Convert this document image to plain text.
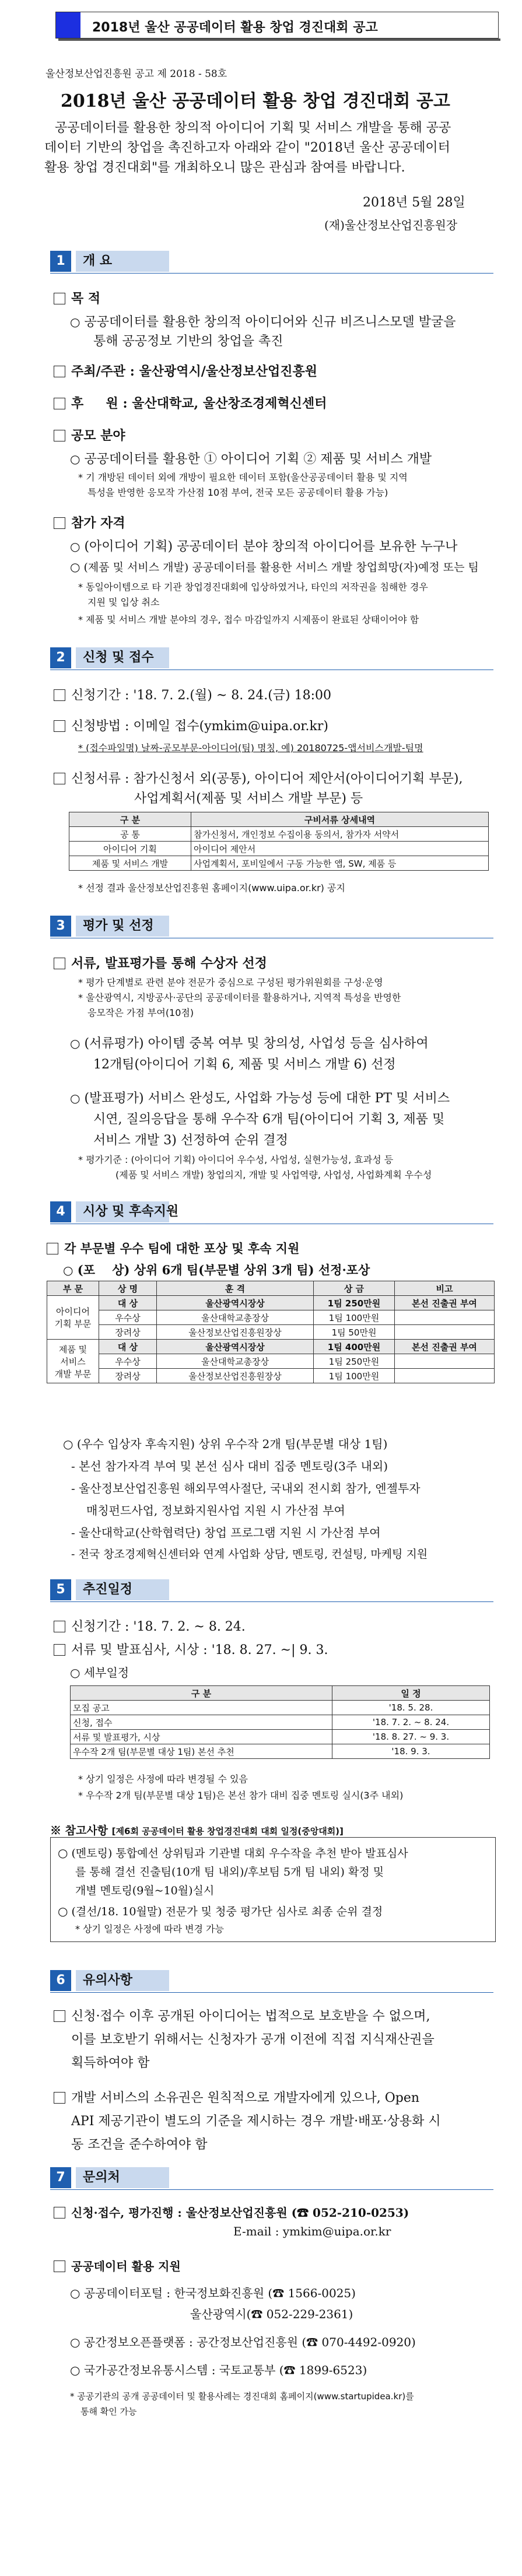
2018년 울산 공공데이터 활용 창업 경진대회 공고
울산정보산업진흥원 공고 제 2018 - 58호
2018년 울산 공공데이터 활용 창업 경진대회 공고
공공데이터를 활용한 창의적 아이디어 기획 및 서비스 개발을 통해 공공
데이터 기반의 창업을 촉진하고자 아래와 같이 "2018년 울산 공공데이터
활용 창업 경진대회"를 개최하오니 많은 관심과 참여를 바랍니다.
2018년 5월 28일
(재)울산정보산업진흥원장
1	개 요
목 적
○ 공공데이터를 활용한 창의적 아이디어와 신규 비즈니스모델 발굴을
통해 공공정보 기반의 창업을 촉진
주최/주관 : 울산광역시/울산정보산업진흥원
후     원 : 울산대학교, 울산창조경제혁신센터
공모 분야
○ 공공데이터를 활용한 ① 아이디어 기획 ② 제품 및 서비스 개발
* 기 개방된 데이터 외에 개방이 필요한 데이터 포함(울산공공데이터 활용 및 지역
특성을 반영한 응모작 가산점 10점 부여, 전국 모든 공공데이터 활용 가능)
참가 자격
○ (아이디어 기획) 공공데이터 분야 창의적 아이디어를 보유한 누구나
○ (제품 및 서비스 개발) 공공데이터를 활용한 서비스 개발 창업희망(자)예정 또는 팀
* 동일아이템으로 타 기관 창업경진대회에 입상하였거나, 타인의 저작권을 침해한 경우
지원 및 입상 취소
* 제품 및 서비스 개발 분야의 경우, 접수 마감일까지 시제품이 완료된 상태이어야 함
2	신청 및 접수
신청기간 : '18. 7. 2.(월) ~ 8. 24.(금) 18:00
신청방법 : 이메일 접수(ymkim@uipa.or.kr)
* (접수파일명) 날짜-공모부문-아이디어(팀) 명칭, 예) 20180725-앱서비스개발-팀명
신청서류 : 참가신청서 외(공통), 아이디어 제안서(아이디어기획 부문),
사업계획서(제품 및 서비스 개발 부문) 등
구 분	구비서류 상세내역
공 통	참가신청서, 개인정보 수집이용 동의서, 참가자 서약서
아이디어 기획	아이디어 제안서
제품 및 서비스 개발	사업계획서, 포비일에서 구동 가능한 앱, SW, 제품 등
* 선정 결과 울산정보산업진흥원 홈페이지(www.uipa.or.kr) 공지
3	평가 및 선정
서류, 발표평가를 통해 수상자 선정
* 평가 단계별로 관련 분야 전문가 중심으로 구성된 평가위원회를 구성·운영
* 울산광역시, 지방공사·공단의 공공데이터를 활용하거나, 지역적 특성을 반영한
응모작은 가점 부여(10점)
○ (서류평가) 아이템 중복 여부 및 창의성, 사업성 등을 심사하여
12개팀(아이디어 기획 6, 제품 및 서비스 개발 6) 선정
○ (발표평가) 서비스 완성도, 사업화 가능성 등에 대한 PT 및 서비스
시연, 질의응답을 통해 우수작 6개 팀(아이디어 기획 3, 제품 및
서비스 개발 3) 선정하여 순위 결정
* 평가기준 : (아이디어 기획) 아이디어 우수성, 사업성, 실현가능성, 효과성 등
(제품 및 서비스 개발) 창업의지, 개발 및 사업역량, 사업성, 사업화계획 우수성
4	시상 및 후속지원
각 부문별 우수 팀에 대한 포상 및 후속 지원
○ (포    상) 상위 6개 팀(부문별 상위 3개 팀) 선정·포상
부 문	상 명	훈 격	상 금	비고
아이디어
기획 부문	대 상	울산광역시장상	1팀 250만원	본선 진출권 부여
	우수상	울산대학교총장상	1팀 100만원	
	장려상	울산정보산업진흥원장상	1팀 50만원	
제품 및
서비스
개발 부문	대 상	울산광역시장상	1팀 400만원	본선 진출권 부여
	우수상	울산대학교총장상	1팀 250만원	
	장려상	울산정보산업진흥원장상	1팀 100만원	
○ (우수 입상자 후속지원) 상위 우수작 2개 팀(부문별 대상 1팀)
- 본선 참가자격 부여 및 본선 심사 대비 집중 멘토링(3주 내외)
- 울산정보산업진흥원 해외무역사절단, 국내외 전시회 참가, 엔젤투자
매칭펀드사업, 정보화지원사업 지원 시 가산점 부여
- 울산대학교(산학협력단) 창업 프로그램 지원 시 가산점 부여
- 전국 창조경제혁신센터와 연계 사업화 상담, 멘토링, 컨설팅, 마케팅 지원
5	추진일정
신청기간 : '18. 7. 2. ~ 8. 24.
서류 및 발표심사, 시상 : '18. 8. 27. ~| 9. 3.
○ 세부일정
구 분	일 정
모집 공고	'18. 5. 28.
신청, 접수	'18. 7. 2. ~ 8. 24.
서류 및 발표평가, 시상	'18. 8. 27. ~ 9. 3.
우수작 2개 팀(부문별 대상 1팀) 본선 추천	'18. 9. 3.
* 상기 일정은 사정에 따라 변경될 수 있음
* 우수작 2개 팀(부문별 대상 1팀)은 본선 참가 대비 집중 멘토링 실시(3주 내외)
※ 참고사항 [제6회 공공데이터 활용 창업경진대회 대회 일정(중앙대회)]
○ (멘토링) 통합예선 상위팀과 기관별 대회 우수작을 추천 받아 발표심사
를 통해 결선 진출팀(10개 팀 내외)/후보팀 5개 팀 내외) 확정 및
개별 멘토링(9월~10월)실시
○ (결선/18. 10월말) 전문가 및 청중 평가단 심사로 최종 순위 결정
* 상기 일정은 사정에 따라 변경 가능
6	유의사항
신청·접수 이후 공개된 아이디어는 법적으로 보호받을 수 없으며,
이를 보호받기 위해서는 신청자가 공개 이전에 직접 지식재산권을
획득하여야 함
개발 서비스의 소유권은 원칙적으로 개발자에게 있으나, Open
API 제공기관이 별도의 기준을 제시하는 경우 개발·배포·상용화 시
동 조건을 준수하여야 함
7	문의처
신청·접수, 평가진행 : 울산정보산업진흥원 (☎ 052-210-0253)
E-mail : ymkim@uipa.or.kr
공공데이터 활용 지원
○ 공공데이터포털 : 한국정보화진흥원 (☎ 1566-0025)
울산광역시(☎ 052-229-2361)
○ 공간정보오픈플랫폼 : 공간정보산업진흥원 (☎ 070-4492-0920)
○ 국가공간정보유통시스템 : 국토교통부 (☎ 1899-6523)
* 공공기관의 공개 공공데이터 및 활용사례는 경진대회 홈페이지(www.startupidea.kr)를
통해 확인 가능
